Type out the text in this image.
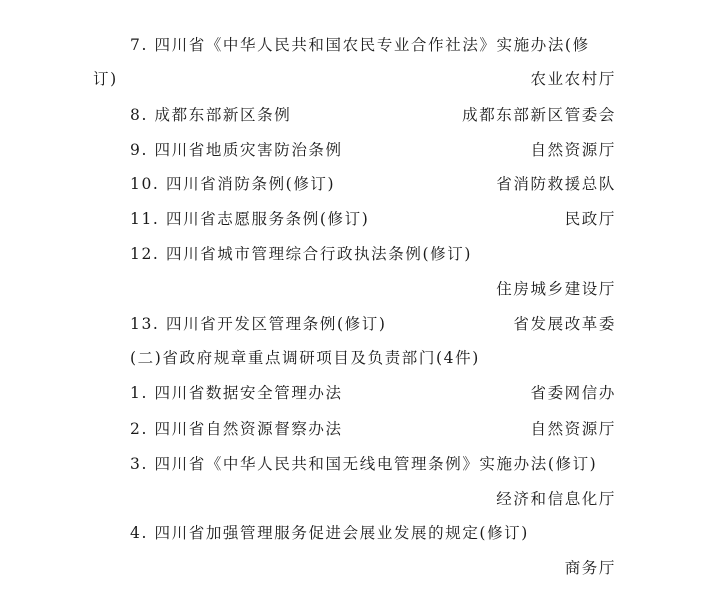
7. 四川省《中华人民共和国农民专业合作社法》实施办法(修
订)	农业农村厅
8. 成都东部新区条例	成都东部新区管委会
9. 四川省地质灾害防治条例	自然资源厅
10. 四川省消防条例(修订)	省消防救援总队
11. 四川省志愿服务条例(修订)	民政厅
12. 四川省城市管理综合行政执法条例(修订)
住房城乡建设厅
13. 四川省开发区管理条例(修订)	省发展改革委
(二)省政府规章重点调研项目及负责部门(4件)
1. 四川省数据安全管理办法	省委网信办
2. 四川省自然资源督察办法	自然资源厅
3. 四川省《中华人民共和国无线电管理条例》实施办法(修订)
经济和信息化厅
4. 四川省加强管理服务促进会展业发展的规定(修订)
商务厅
